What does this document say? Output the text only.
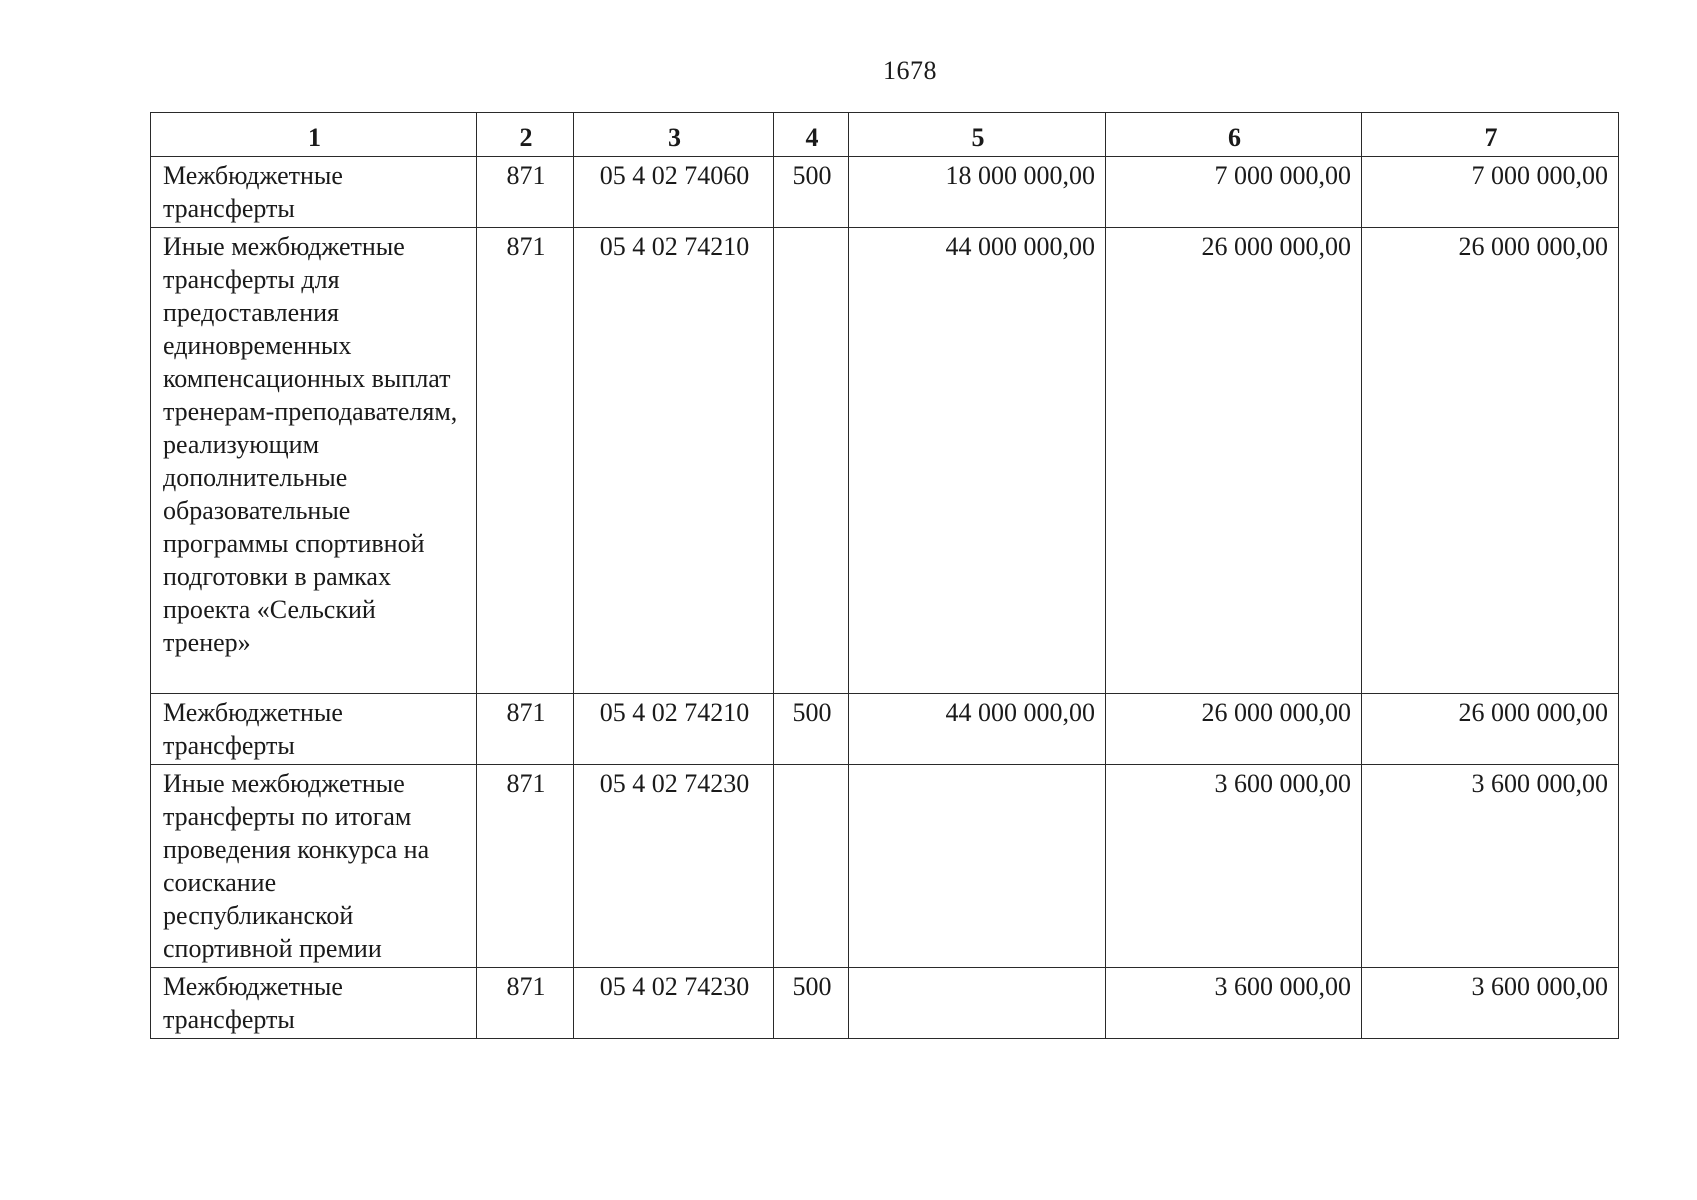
1678
1	2	3	4	5	6	7
Межбюджетные трансферты	871	05 4 02 74060	500	18 000 000,00	7 000 000,00	7 000 000,00
Иные межбюджетные трансферты для предоставления единовременных компенсационных выплат тренерам-преподавателям, реализующим дополнительные образовательные программы спортивной подготовки в рамках проекта «Сельский тренер»	871	05 4 02 74210		44 000 000,00	26 000 000,00	26 000 000,00
Межбюджетные трансферты	871	05 4 02 74210	500	44 000 000,00	26 000 000,00	26 000 000,00
Иные межбюджетные трансферты по итогам проведения конкурса на соискание республиканской спортивной премии	871	05 4 02 74230			3 600 000,00	3 600 000,00
Межбюджетные трансферты	871	05 4 02 74230	500		3 600 000,00	3 600 000,00
